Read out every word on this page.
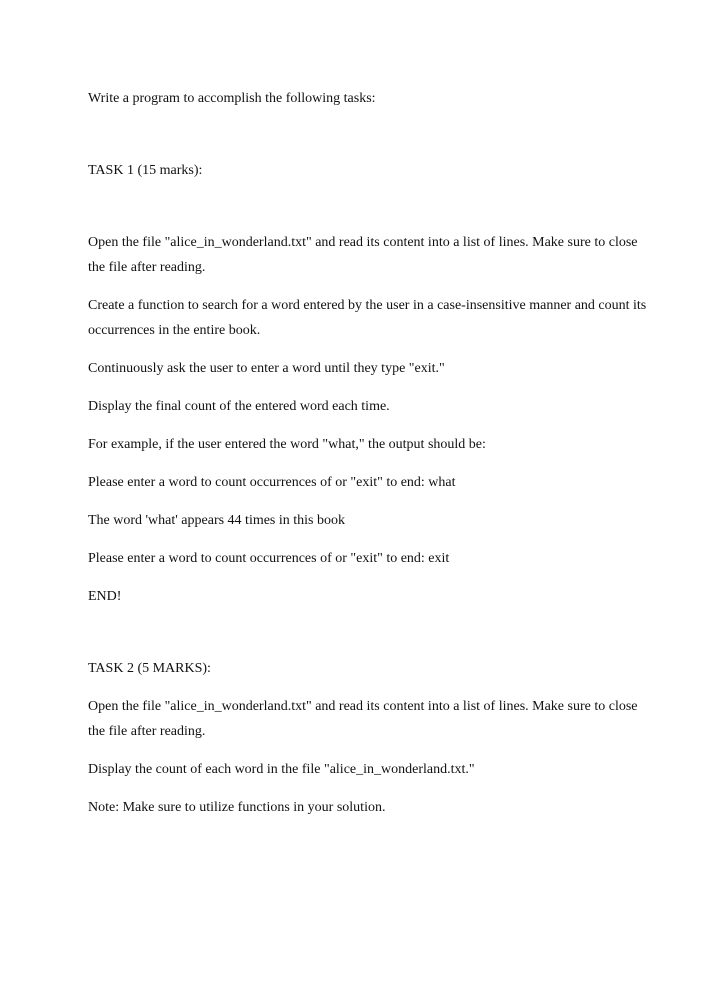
Write a program to accomplish the following tasks:

TASK 1 (15 marks):

Open the file "alice_in_wonderland.txt" and read its content into a list of lines. Make sure to close the file after reading.

Create a function to search for a word entered by the user in a case-insensitive manner and count its occurrences in the entire book.

Continuously ask the user to enter a word until they type "exit."

Display the final count of the entered word each time.

For example, if the user entered the word "what," the output should be:

Please enter a word to count occurrences of or "exit" to end: what

The word 'what' appears 44 times in this book

Please enter a word to count occurrences of or "exit" to end: exit

END!

TASK 2 (5 MARKS):

Open the file "alice_in_wonderland.txt" and read its content into a list of lines. Make sure to close the file after reading.

Display the count of each word in the file "alice_in_wonderland.txt."

Note: Make sure to utilize functions in your solution.
